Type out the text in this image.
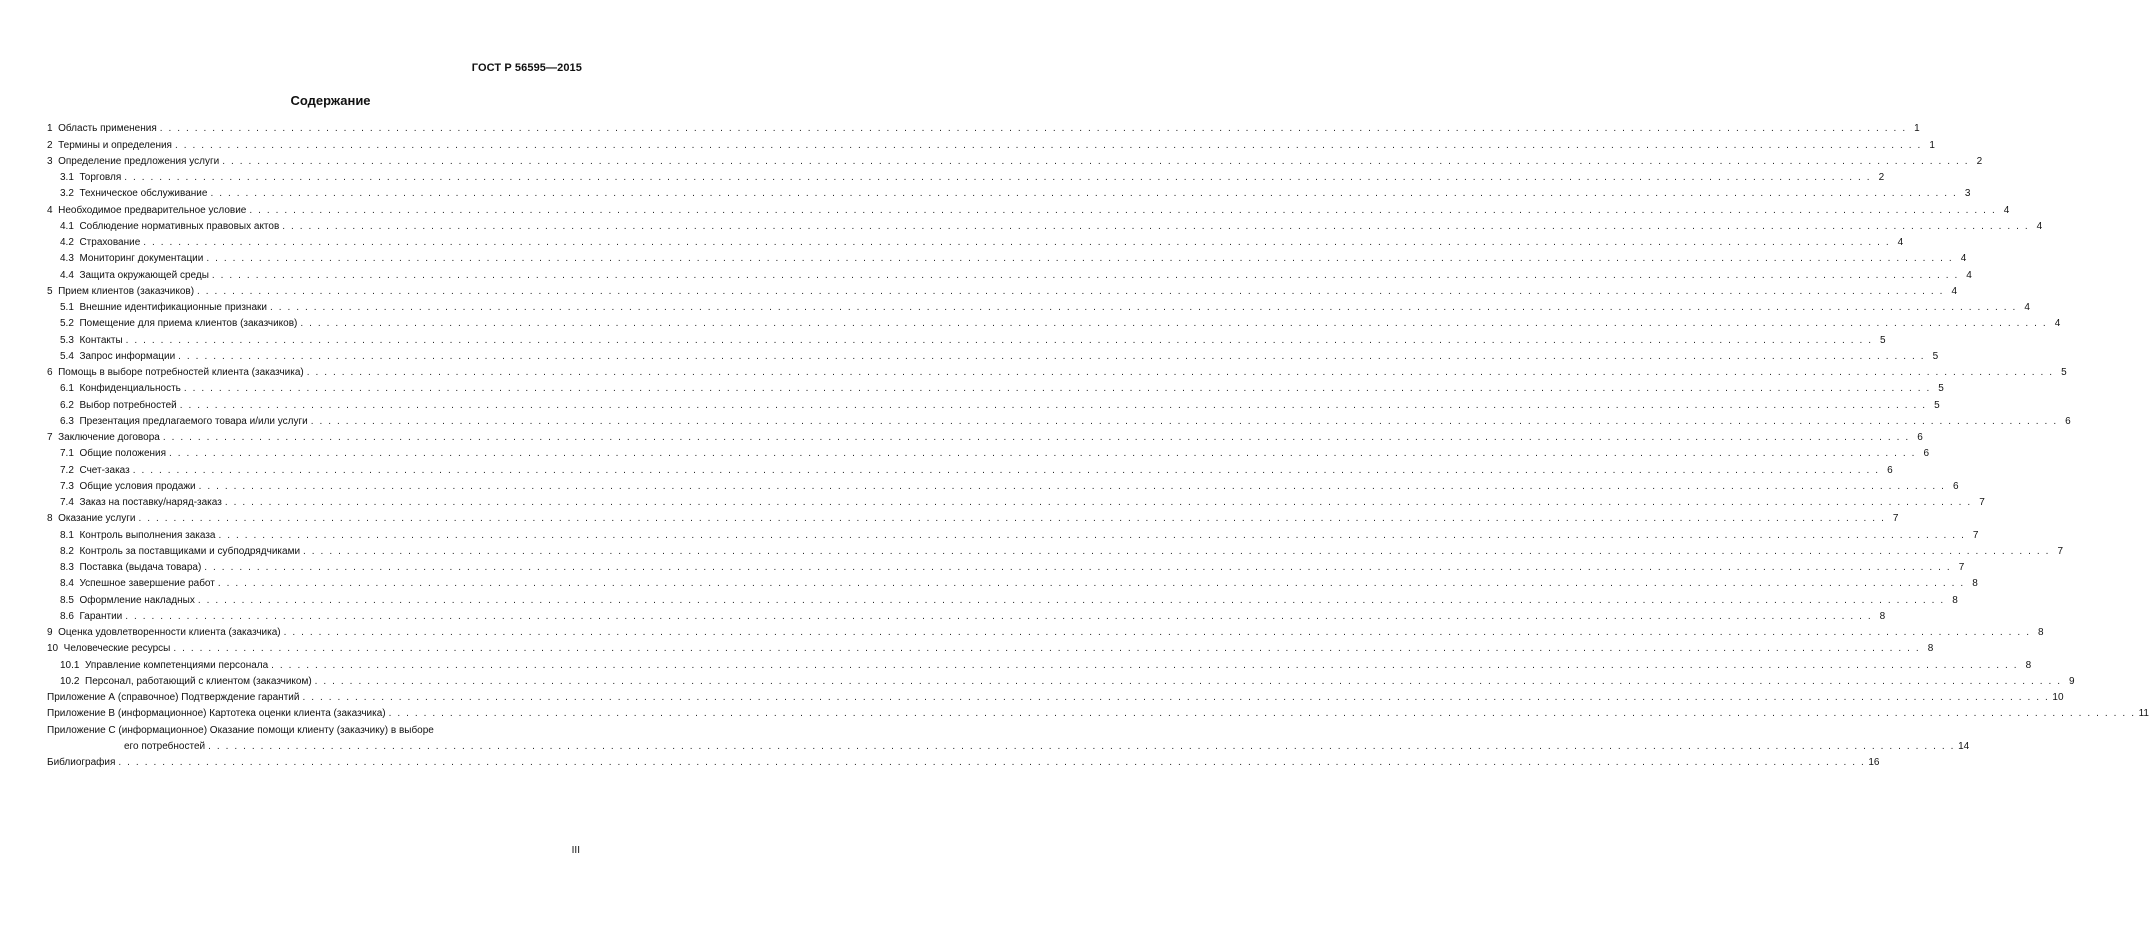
ГОСТ Р 56595—2015
Содержание
1  Область применения . . . . . . . . . . . . . . . . . . . . . . . . . . . . . . . . . . . . . . . . . . . . . . . . . . . . . . . . . . . . . . . . . . . . . . . . . . . . . . . . . . . . . . . . . . . . . . . . . . . . . . . . . . . . . . . . . . . . . . . . . . . . . . . . . . . . . . . . . . . . . . . . . . . . . . . . . . . . . . . . . . . . . . . . . . . . . . . . . . . . . . . . . . . . . . . . . . . . . . . . 1
2  Термины и определения . . . . . . . . . . . . . . . . . . . . . . . . . . . . . . . . . . . . . . . . . . . . . . . . . . . . . . . . . . . . . . . . . . . . . . . . . . . . . . . . . . . . . . . . . . . . . . . . . . . . . . . . . . . . . . . . . . . . . . . . . . . . . . . . . . . . . . . . . . . . . . . . . . . . . . . . . . . . . . . . . . . . . . . . . . . . . . . . . . . . . . . . . . . . . . . . . . . . . . . . 1
3  Определение предложения услуги . . . . . . . . . . . . . . . . . . . . . . . . . . . . . . . . . . . . . . . . . . . . . . . . . . . . . . . . . . . . . . . . . . . . . . . . . . . . . . . . . . . . . . . . . . . . . . . . . . . . . . . . . . . . . . . . . . . . . . . . . . . . . . . . . . . . . . . . . . . . . . . . . . . . . . . . . . . . . . . . . . . . . . . . . . . . . . . . . . . . . . . . . . . . . . . . . . . . . . . . 2
3.1  Торговля . . . . . . . . . . . . . . . . . . . . . . . . . . . . . . . . . . . . . . . . . . . . . . . . . . . . . . . . . . . . . . . . . . . . . . . . . . . . . . . . . . . . . . . . . . . . . . . . . . . . . . . . . . . . . . . . . . . . . . . . . . . . . . . . . . . . . . . . . . . . . . . . . . . . . . . . . . . . . . . . . . . . . . . . . . . . . . . . . . . . . . . . . . . . . . . . . . . . . . . . 2
3.2  Техническое обслуживание . . . . . . . . . . . . . . . . . . . . . . . . . . . . . . . . . . . . . . . . . . . . . . . . . . . . . . . . . . . . . . . . . . . . . . . . . . . . . . . . . . . . . . . . . . . . . . . . . . . . . . . . . . . . . . . . . . . . . . . . . . . . . . . . . . . . . . . . . . . . . . . . . . . . . . . . . . . . . . . . . . . . . . . . . . . . . . . . . . . . . . . . . . . . . . . . . . . . . . . . 3
4  Необходимое предварительное условие . . . . . . . . . . . . . . . . . . . . . . . . . . . . . . . . . . . . . . . . . . . . . . . . . . . . . . . . . . . . . . . . . . . . . . . . . . . . . . . . . . . . . . . . . . . . . . . . . . . . . . . . . . . . . . . . . . . . . . . . . . . . . . . . . . . . . . . . . . . . . . . . . . . . . . . . . . . . . . . . . . . . . . . . . . . . . . . . . . . . . . . . . . . . . . . . . . . . . . . . 4
4.1  Соблюдение нормативных правовых актов . . . . . . . . . . . . . . . . . . . . . . . . . . . . . . . . . . . . . . . . . . . . . . . . . . . . . . . . . . . . . . . . . . . . . . . . . . . . . . . . . . . . . . . . . . . . . . . . . . . . . . . . . . . . . . . . . . . . . . . . . . . . . . . . . . . . . . . . . . . . . . . . . . . . . . . . . . . . . . . . . . . . . . . . . . . . . . . . . . . . . . . . . . . . . . . . . . . . . . . . 4
4.2  Страхование . . . . . . . . . . . . . . . . . . . . . . . . . . . . . . . . . . . . . . . . . . . . . . . . . . . . . . . . . . . . . . . . . . . . . . . . . . . . . . . . . . . . . . . . . . . . . . . . . . . . . . . . . . . . . . . . . . . . . . . . . . . . . . . . . . . . . . . . . . . . . . . . . . . . . . . . . . . . . . . . . . . . . . . . . . . . . . . . . . . . . . . . . . . . . . . . . . . . . . . . 4
4.3  Мониторинг документации . . . . . . . . . . . . . . . . . . . . . . . . . . . . . . . . . . . . . . . . . . . . . . . . . . . . . . . . . . . . . . . . . . . . . . . . . . . . . . . . . . . . . . . . . . . . . . . . . . . . . . . . . . . . . . . . . . . . . . . . . . . . . . . . . . . . . . . . . . . . . . . . . . . . . . . . . . . . . . . . . . . . . . . . . . . . . . . . . . . . . . . . . . . . . . . . . . . . . . . . 4
4.4  Защита окружающей среды . . . . . . . . . . . . . . . . . . . . . . . . . . . . . . . . . . . . . . . . . . . . . . . . . . . . . . . . . . . . . . . . . . . . . . . . . . . . . . . . . . . . . . . . . . . . . . . . . . . . . . . . . . . . . . . . . . . . . . . . . . . . . . . . . . . . . . . . . . . . . . . . . . . . . . . . . . . . . . . . . . . . . . . . . . . . . . . . . . . . . . . . . . . . . . . . . . . . . . . . 4
5  Прием клиентов (заказчиков) . . . . . . . . . . . . . . . . . . . . . . . . . . . . . . . . . . . . . . . . . . . . . . . . . . . . . . . . . . . . . . . . . . . . . . . . . . . . . . . . . . . . . . . . . . . . . . . . . . . . . . . . . . . . . . . . . . . . . . . . . . . . . . . . . . . . . . . . . . . . . . . . . . . . . . . . . . . . . . . . . . . . . . . . . . . . . . . . . . . . . . . . . . . . . . . . . . . . . . . . 4
5.1  Внешние идентификационные признаки . . . . . . . . . . . . . . . . . . . . . . . . . . . . . . . . . . . . . . . . . . . . . . . . . . . . . . . . . . . . . . . . . . . . . . . . . . . . . . . . . . . . . . . . . . . . . . . . . . . . . . . . . . . . . . . . . . . . . . . . . . . . . . . . . . . . . . . . . . . . . . . . . . . . . . . . . . . . . . . . . . . . . . . . . . . . . . . . . . . . . . . . . . . . . . . . . . . . . . . . 4
5.2  Помещение для приема клиентов (заказчиков) . . . . . . . . . . . . . . . . . . . . . . . . . . . . . . . . . . . . . . . . . . . . . . . . . . . . . . . . . . . . . . . . . . . . . . . . . . . . . . . . . . . . . . . . . . . . . . . . . . . . . . . . . . . . . . . . . . . . . . . . . . . . . . . . . . . . . . . . . . . . . . . . . . . . . . . . . . . . . . . . . . . . . . . . . . . . . . . . . . . . . . . . . . . . . . . . . . . . . . . . 4
5.3  Контакты . . . . . . . . . . . . . . . . . . . . . . . . . . . . . . . . . . . . . . . . . . . . . . . . . . . . . . . . . . . . . . . . . . . . . . . . . . . . . . . . . . . . . . . . . . . . . . . . . . . . . . . . . . . . . . . . . . . . . . . . . . . . . . . . . . . . . . . . . . . . . . . . . . . . . . . . . . . . . . . . . . . . . . . . . . . . . . . . . . . . . . . . . . . . . . . . . . . . . . . . 5
5.4  Запрос информации . . . . . . . . . . . . . . . . . . . . . . . . . . . . . . . . . . . . . . . . . . . . . . . . . . . . . . . . . . . . . . . . . . . . . . . . . . . . . . . . . . . . . . . . . . . . . . . . . . . . . . . . . . . . . . . . . . . . . . . . . . . . . . . . . . . . . . . . . . . . . . . . . . . . . . . . . . . . . . . . . . . . . . . . . . . . . . . . . . . . . . . . . . . . . . . . . . . . . . . . 5
6  Помощь в выборе потребностей клиента (заказчика) . . . . . . . . . . . . . . . . . . . . . . . . . . . . . . . . . . . . . . . . . . . . . . . . . . . . . . . . . . . . . . . . . . . . . . . . . . . . . . . . . . . . . . . . . . . . . . . . . . . . . . . . . . . . . . . . . . . . . . . . . . . . . . . . . . . . . . . . . . . . . . . . . . . . . . . . . . . . . . . . . . . . . . . . . . . . . . . . . . . . . . . . . . . . . . . . . . . . . . . . 5
6.1  Конфиденциальность . . . . . . . . . . . . . . . . . . . . . . . . . . . . . . . . . . . . . . . . . . . . . . . . . . . . . . . . . . . . . . . . . . . . . . . . . . . . . . . . . . . . . . . . . . . . . . . . . . . . . . . . . . . . . . . . . . . . . . . . . . . . . . . . . . . . . . . . . . . . . . . . . . . . . . . . . . . . . . . . . . . . . . . . . . . . . . . . . . . . . . . . . . . . . . . . . . . . . . . . 5
6.2  Выбор потребностей . . . . . . . . . . . . . . . . . . . . . . . . . . . . . . . . . . . . . . . . . . . . . . . . . . . . . . . . . . . . . . . . . . . . . . . . . . . . . . . . . . . . . . . . . . . . . . . . . . . . . . . . . . . . . . . . . . . . . . . . . . . . . . . . . . . . . . . . . . . . . . . . . . . . . . . . . . . . . . . . . . . . . . . . . . . . . . . . . . . . . . . . . . . . . . . . . . . . . . . . 5
6.3  Презентация предлагаемого товара и/или услуги . . . . . . . . . . . . . . . . . . . . . . . . . . . . . . . . . . . . . . . . . . . . . . . . . . . . . . . . . . . . . . . . . . . . . . . . . . . . . . . . . . . . . . . . . . . . . . . . . . . . . . . . . . . . . . . . . . . . . . . . . . . . . . . . . . . . . . . . . . . . . . . . . . . . . . . . . . . . . . . . . . . . . . . . . . . . . . . . . . . . . . . . . . . . . . . . . . . . . . . . 6
7  Заключение договора . . . . . . . . . . . . . . . . . . . . . . . . . . . . . . . . . . . . . . . . . . . . . . . . . . . . . . . . . . . . . . . . . . . . . . . . . . . . . . . . . . . . . . . . . . . . . . . . . . . . . . . . . . . . . . . . . . . . . . . . . . . . . . . . . . . . . . . . . . . . . . . . . . . . . . . . . . . . . . . . . . . . . . . . . . . . . . . . . . . . . . . . . . . . . . . . . . . . . . . . 6
7.1  Общие положения . . . . . . . . . . . . . . . . . . . . . . . . . . . . . . . . . . . . . . . . . . . . . . . . . . . . . . . . . . . . . . . . . . . . . . . . . . . . . . . . . . . . . . . . . . . . . . . . . . . . . . . . . . . . . . . . . . . . . . . . . . . . . . . . . . . . . . . . . . . . . . . . . . . . . . . . . . . . . . . . . . . . . . . . . . . . . . . . . . . . . . . . . . . . . . . . . . . . . . . . 6
7.2  Счет-заказ . . . . . . . . . . . . . . . . . . . . . . . . . . . . . . . . . . . . . . . . . . . . . . . . . . . . . . . . . . . . . . . . . . . . . . . . . . . . . . . . . . . . . . . . . . . . . . . . . . . . . . . . . . . . . . . . . . . . . . . . . . . . . . . . . . . . . . . . . . . . . . . . . . . . . . . . . . . . . . . . . . . . . . . . . . . . . . . . . . . . . . . . . . . . . . . . . . . . . . . . 6
7.3  Общие условия продажи . . . . . . . . . . . . . . . . . . . . . . . . . . . . . . . . . . . . . . . . . . . . . . . . . . . . . . . . . . . . . . . . . . . . . . . . . . . . . . . . . . . . . . . . . . . . . . . . . . . . . . . . . . . . . . . . . . . . . . . . . . . . . . . . . . . . . . . . . . . . . . . . . . . . . . . . . . . . . . . . . . . . . . . . . . . . . . . . . . . . . . . . . . . . . . . . . . . . . . . . 6
7.4  Заказ на поставку/наряд-заказ . . . . . . . . . . . . . . . . . . . . . . . . . . . . . . . . . . . . . . . . . . . . . . . . . . . . . . . . . . . . . . . . . . . . . . . . . . . . . . . . . . . . . . . . . . . . . . . . . . . . . . . . . . . . . . . . . . . . . . . . . . . . . . . . . . . . . . . . . . . . . . . . . . . . . . . . . . . . . . . . . . . . . . . . . . . . . . . . . . . . . . . . . . . . . . . . . . . . . . . . 7
8  Оказание услуги . . . . . . . . . . . . . . . . . . . . . . . . . . . . . . . . . . . . . . . . . . . . . . . . . . . . . . . . . . . . . . . . . . . . . . . . . . . . . . . . . . . . . . . . . . . . . . . . . . . . . . . . . . . . . . . . . . . . . . . . . . . . . . . . . . . . . . . . . . . . . . . . . . . . . . . . . . . . . . . . . . . . . . . . . . . . . . . . . . . . . . . . . . . . . . . . . . . . . . . . 7
8.1  Контроль выполнения заказа . . . . . . . . . . . . . . . . . . . . . . . . . . . . . . . . . . . . . . . . . . . . . . . . . . . . . . . . . . . . . . . . . . . . . . . . . . . . . . . . . . . . . . . . . . . . . . . . . . . . . . . . . . . . . . . . . . . . . . . . . . . . . . . . . . . . . . . . . . . . . . . . . . . . . . . . . . . . . . . . . . . . . . . . . . . . . . . . . . . . . . . . . . . . . . . . . . . . . . . . 7
8.2  Контроль за поставщиками и субподрядчиками . . . . . . . . . . . . . . . . . . . . . . . . . . . . . . . . . . . . . . . . . . . . . . . . . . . . . . . . . . . . . . . . . . . . . . . . . . . . . . . . . . . . . . . . . . . . . . . . . . . . . . . . . . . . . . . . . . . . . . . . . . . . . . . . . . . . . . . . . . . . . . . . . . . . . . . . . . . . . . . . . . . . . . . . . . . . . . . . . . . . . . . . . . . . . . . . . . . . . . . . 7
8.3  Поставка (выдача товара) . . . . . . . . . . . . . . . . . . . . . . . . . . . . . . . . . . . . . . . . . . . . . . . . . . . . . . . . . . . . . . . . . . . . . . . . . . . . . . . . . . . . . . . . . . . . . . . . . . . . . . . . . . . . . . . . . . . . . . . . . . . . . . . . . . . . . . . . . . . . . . . . . . . . . . . . . . . . . . . . . . . . . . . . . . . . . . . . . . . . . . . . . . . . . . . . . . . . . . . . 7
8.4  Успешное завершение работ . . . . . . . . . . . . . . . . . . . . . . . . . . . . . . . . . . . . . . . . . . . . . . . . . . . . . . . . . . . . . . . . . . . . . . . . . . . . . . . . . . . . . . . . . . . . . . . . . . . . . . . . . . . . . . . . . . . . . . . . . . . . . . . . . . . . . . . . . . . . . . . . . . . . . . . . . . . . . . . . . . . . . . . . . . . . . . . . . . . . . . . . . . . . . . . . . . . . . . . . 8
8.5  Оформление накладных . . . . . . . . . . . . . . . . . . . . . . . . . . . . . . . . . . . . . . . . . . . . . . . . . . . . . . . . . . . . . . . . . . . . . . . . . . . . . . . . . . . . . . . . . . . . . . . . . . . . . . . . . . . . . . . . . . . . . . . . . . . . . . . . . . . . . . . . . . . . . . . . . . . . . . . . . . . . . . . . . . . . . . . . . . . . . . . . . . . . . . . . . . . . . . . . . . . . . . . . 8
8.6  Гарантии . . . . . . . . . . . . . . . . . . . . . . . . . . . . . . . . . . . . . . . . . . . . . . . . . . . . . . . . . . . . . . . . . . . . . . . . . . . . . . . . . . . . . . . . . . . . . . . . . . . . . . . . . . . . . . . . . . . . . . . . . . . . . . . . . . . . . . . . . . . . . . . . . . . . . . . . . . . . . . . . . . . . . . . . . . . . . . . . . . . . . . . . . . . . . . . . . . . . . . . . 8
9  Оценка удовлетворенности клиента (заказчика) . . . . . . . . . . . . . . . . . . . . . . . . . . . . . . . . . . . . . . . . . . . . . . . . . . . . . . . . . . . . . . . . . . . . . . . . . . . . . . . . . . . . . . . . . . . . . . . . . . . . . . . . . . . . . . . . . . . . . . . . . . . . . . . . . . . . . . . . . . . . . . . . . . . . . . . . . . . . . . . . . . . . . . . . . . . . . . . . . . . . . . . . . . . . . . . . . . . . . . . . 8
10  Человеческие ресурсы . . . . . . . . . . . . . . . . . . . . . . . . . . . . . . . . . . . . . . . . . . . . . . . . . . . . . . . . . . . . . . . . . . . . . . . . . . . . . . . . . . . . . . . . . . . . . . . . . . . . . . . . . . . . . . . . . . . . . . . . . . . . . . . . . . . . . . . . . . . . . . . . . . . . . . . . . . . . . . . . . . . . . . . . . . . . . . . . . . . . . . . . . . . . . . . . . . . . . . . . 8
10.1  Управление компетенциями персонала . . . . . . . . . . . . . . . . . . . . . . . . . . . . . . . . . . . . . . . . . . . . . . . . . . . . . . . . . . . . . . . . . . . . . . . . . . . . . . . . . . . . . . . . . . . . . . . . . . . . . . . . . . . . . . . . . . . . . . . . . . . . . . . . . . . . . . . . . . . . . . . . . . . . . . . . . . . . . . . . . . . . . . . . . . . . . . . . . . . . . . . . . . . . . . . . . . . . . . . . 8
10.2  Персонал, работающий с клиентом (заказчиком) . . . . . . . . . . . . . . . . . . . . . . . . . . . . . . . . . . . . . . . . . . . . . . . . . . . . . . . . . . . . . . . . . . . . . . . . . . . . . . . . . . . . . . . . . . . . . . . . . . . . . . . . . . . . . . . . . . . . . . . . . . . . . . . . . . . . . . . . . . . . . . . . . . . . . . . . . . . . . . . . . . . . . . . . . . . . . . . . . . . . . . . . . . . . . . . . . . . . . . . . 9
Приложение А (справочное) Подтверждение гарантий . . . . . . . . . . . . . . . . . . . . . . . . . . . . . . . . . . . . . . . . . . . . . . . . . . . . . . . . . . . . . . . . . . . . . . . . . . . . . . . . . . . . . . . . . . . . . . . . . . . . . . . . . . . . . . . . . . . . . . . . . . . . . . . . . . . . . . . . . . . . . . . . . . . . . . . . . . . . . . . . . . . . . . . . . . . . . . . . . . . . . . . . . . . . . . . . . . . . . . . . 10
Приложение В (информационное) Картотека оценки клиента (заказчика) . . . . . . . . . . . . . . . . . . . . . . . . . . . . . . . . . . . . . . . . . . . . . . . . . . . . . . . . . . . . . . . . . . . . . . . . . . . . . . . . . . . . . . . . . . . . . . . . . . . . . . . . . . . . . . . . . . . . . . . . . . . . . . . . . . . . . . . . . . . . . . . . . . . . . . . . . . . . . . . . . . . . . . . . . . . . . . . . . . . . . . . . . . . . . . . . . . . . . . . . 11
Приложение С (информационное) Оказание помощи клиенту (заказчику) в выборе
его потребностей . . . . . . . . . . . . . . . . . . . . . . . . . . . . . . . . . . . . . . . . . . . . . . . . . . . . . . . . . . . . . . . . . . . . . . . . . . . . . . . . . . . . . . . . . . . . . . . . . . . . . . . . . . . . . . . . . . . . . . . . . . . . . . . . . . . . . . . . . . . . . . . . . . . . . . . . . . . . . . . . . . . . . . . . . . . . . . . . . . . . . . . . . . . . . . . . . . . . . . . . 14
Библиография . . . . . . . . . . . . . . . . . . . . . . . . . . . . . . . . . . . . . . . . . . . . . . . . . . . . . . . . . . . . . . . . . . . . . . . . . . . . . . . . . . . . . . . . . . . . . . . . . . . . . . . . . . . . . . . . . . . . . . . . . . . . . . . . . . . . . . . . . . . . . . . . . . . . . . . . . . . . . . . . . . . . . . . . . . . . . . . . . . . . . . . . . . . . . . . . . . . . . . . . 16
III
